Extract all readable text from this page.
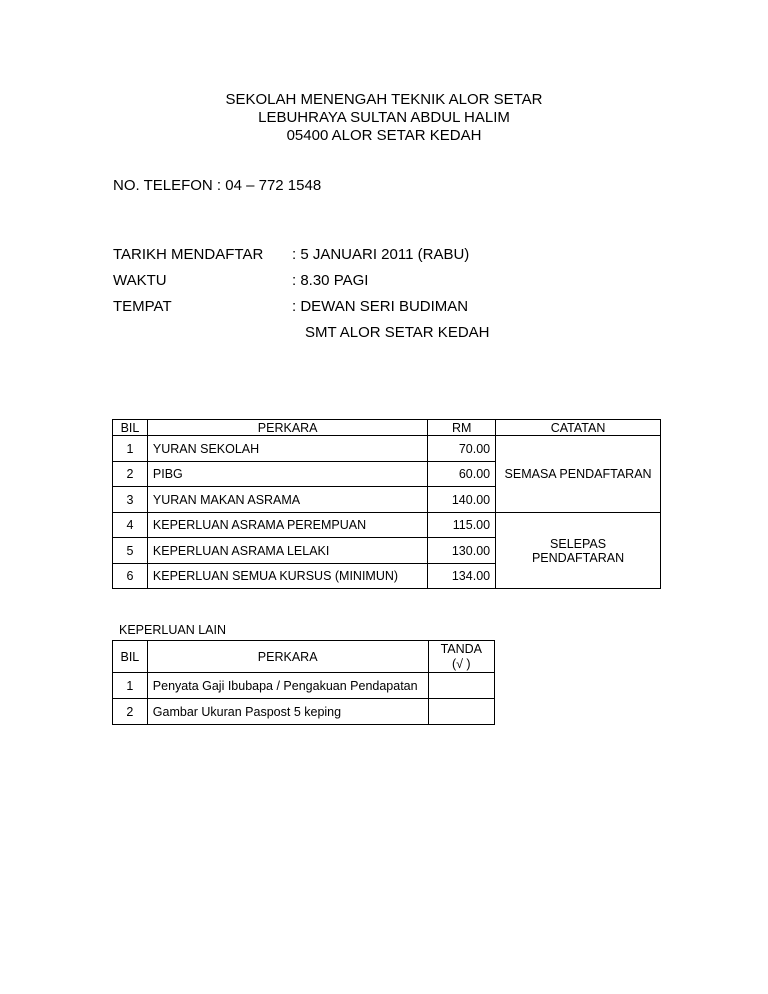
SEKOLAH MENENGAH TEKNIK ALOR SETAR
LEBUHRAYA SULTAN ABDUL HALIM
05400 ALOR SETAR KEDAH
NO. TELEFON : 04 – 772 1548
TARIKH MENDAFTAR : 5 JANUARI 2011 (RABU)
WAKTU	: 8.30 PAGI
TEMPAT	: DEWAN SERI BUDIMAN
SMT ALOR SETAR KEDAH
BIL	PERKARA	RM	CATATAN
1	YURAN SEKOLAH	70.00	SEMASA PENDAFTARAN
2	PIBG	60.00	
3	YURAN MAKAN ASRAMA	140.00	
4	KEPERLUAN ASRAMA PEREMPUAN	115.00	SELEPAS PENDAFTARAN
5	KEPERLUAN ASRAMA LELAKI	130.00	
6	KEPERLUAN SEMUA KURSUS (MINIMUN)	134.00	
KEPERLUAN LAIN
BIL	PERKARA	TANDA
(√ )
1	Penyata Gaji Ibubapa / Pengakuan Pendapatan	
2	Gambar Ukuran Paspost 5 keping	
